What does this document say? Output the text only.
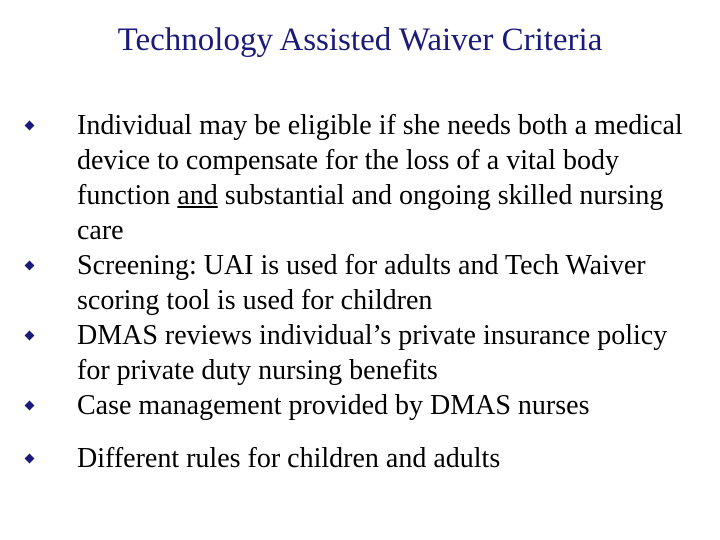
Technology Assisted Waiver Criteria
Individual may be eligible if she needs both a medical device to compensate for the loss of a vital body function and substantial and ongoing skilled nursing care
Screening: UAI is used for adults and Tech Waiver scoring tool is used for children
DMAS reviews individual’s private insurance policy for private duty nursing benefits
Case management provided by DMAS nurses
Different rules for children and adults
